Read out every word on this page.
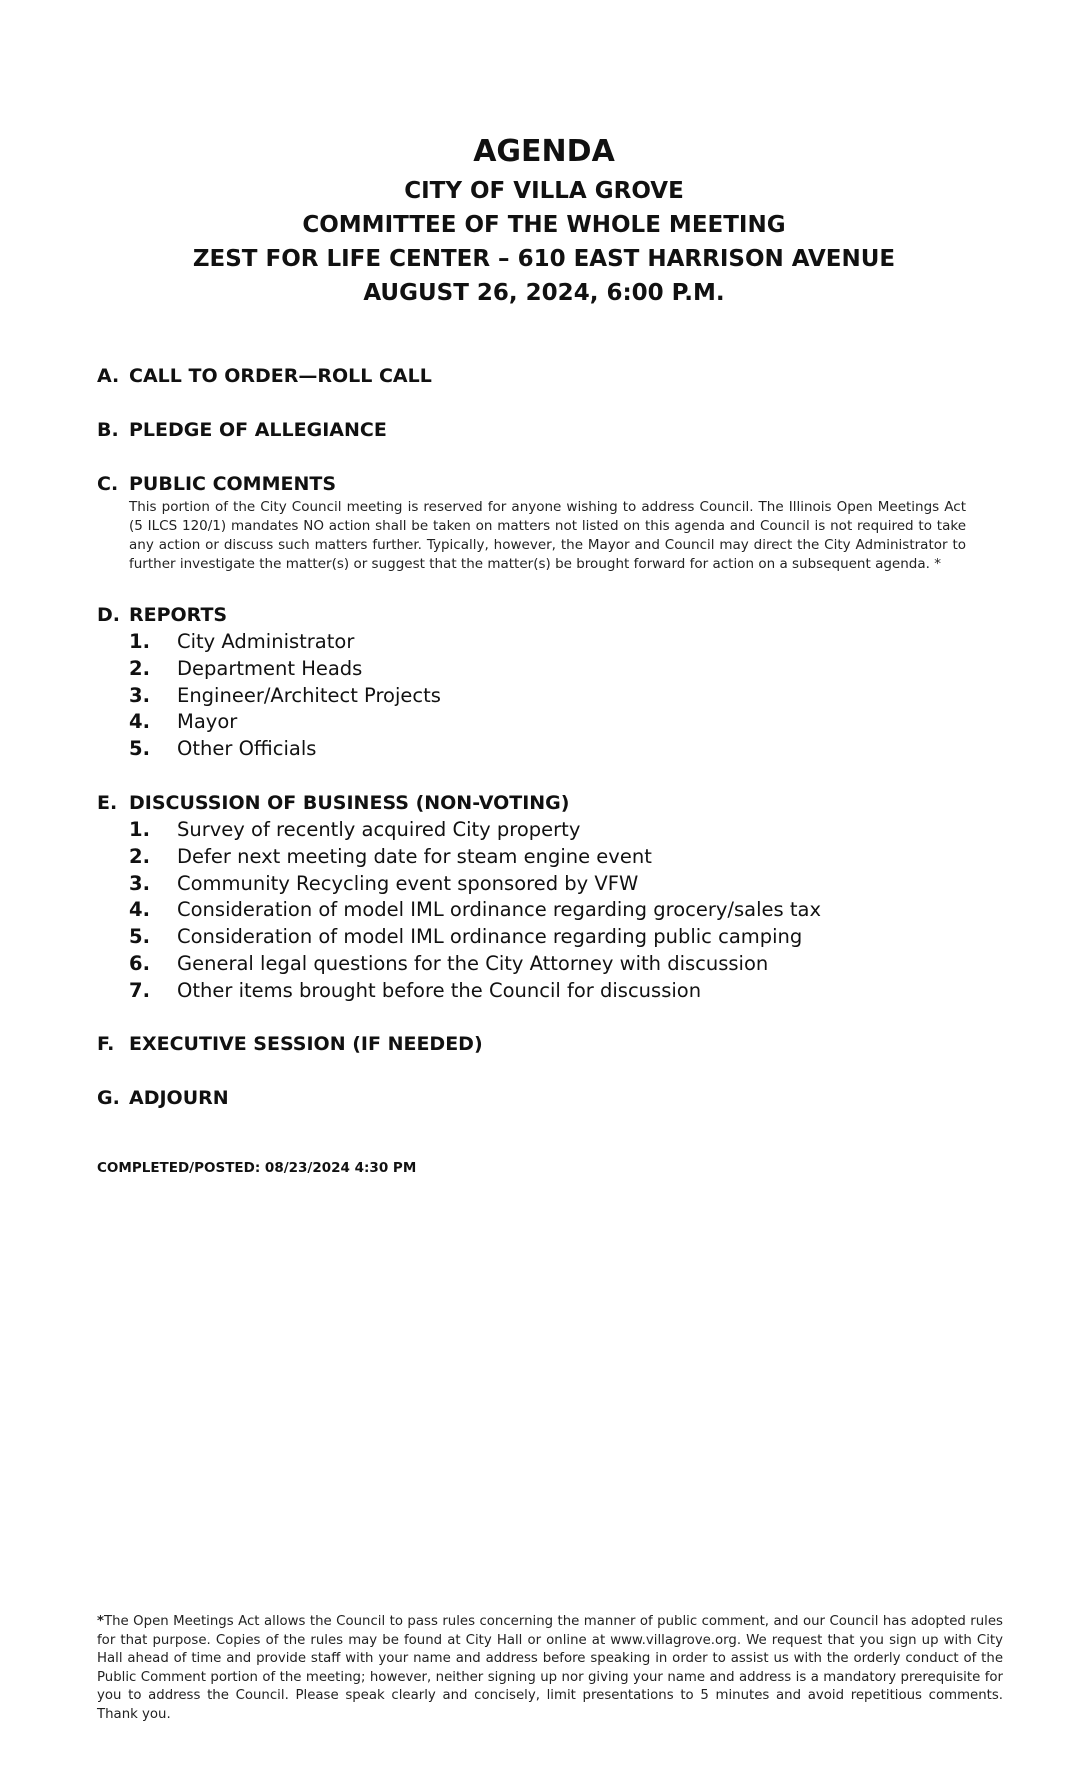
AGENDA
CITY OF VILLA GROVE
COMMITTEE OF THE WHOLE MEETING
ZEST FOR LIFE CENTER – 610 EAST HARRISON AVENUE
AUGUST 26, 2024, 6:00 P.M.
A. CALL TO ORDER—ROLL CALL
B. PLEDGE OF ALLEGIANCE
C. PUBLIC COMMENTS
This portion of the City Council meeting is reserved for anyone wishing to address Council. The Illinois Open Meetings Act (5 ILCS 120/1) mandates NO action shall be taken on matters not listed on this agenda and Council is not required to take any action or discuss such matters further. Typically, however, the Mayor and Council may direct the City Administrator to further investigate the matter(s) or suggest that the matter(s) be brought forward for action on a subsequent agenda. *
D. REPORTS
1.	City Administrator
2.	Department Heads
3.	Engineer/Architect Projects
4.	Mayor
5.	Other Officials
E. DISCUSSION OF BUSINESS (NON-VOTING)
1.	Survey of recently acquired City property
2.	Defer next meeting date for steam engine event
3.	Community Recycling event sponsored by VFW
4.	Consideration of model IML ordinance regarding grocery/sales tax
5.	Consideration of model IML ordinance regarding public camping
6.	General legal questions for the City Attorney with discussion
7.	Other items brought before the Council for discussion
F. EXECUTIVE SESSION (IF NEEDED)
G. ADJOURN
COMPLETED/POSTED: 08/23/2024 4:30 PM
*The Open Meetings Act allows the Council to pass rules concerning the manner of public comment, and our Council has adopted rules for that purpose. Copies of the rules may be found at City Hall or online at www.villagrove.org. We request that you sign up with City Hall ahead of time and provide staff with your name and address before speaking in order to assist us with the orderly conduct of the Public Comment portion of the meeting; however, neither signing up nor giving your name and address is a mandatory prerequisite for you to address the Council. Please speak clearly and concisely, limit presentations to 5 minutes and avoid repetitious comments. Thank you.
